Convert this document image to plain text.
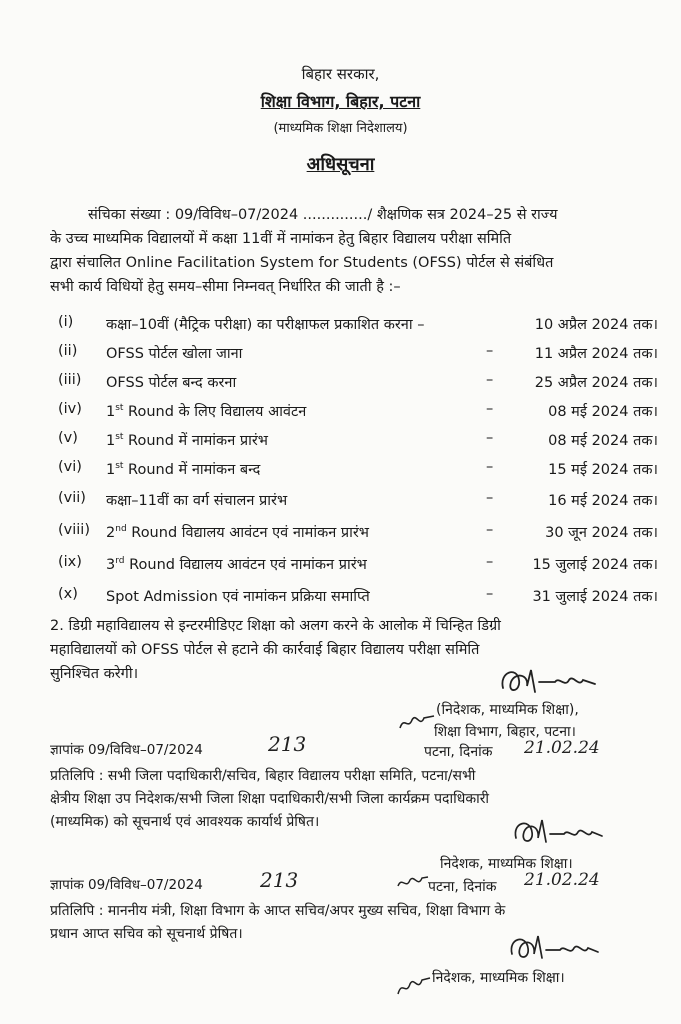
बिहार सरकार,
शिक्षा विभाग, बिहार, पटना
(माध्यमिक शिक्षा निदेशालय)
अधिसूचना
संचिका संख्या : 09/विविध–07/2024 ............../ शैक्षणिक सत्र 2024–25 से राज्य
के उच्च माध्यमिक विद्यालयों में कक्षा 11वीं में नामांकन हेतु बिहार विद्यालय परीक्षा समिति
द्वारा संचालित Online Facilitation System for Students (OFSS) पोर्टल से संबंधित
सभी कार्य विधियों हेतु समय–सीमा निम्नवत् निर्धारित की जाती है :–
(i) कक्षा–10वीं (मैट्रिक परीक्षा) का परीक्षाफल प्रकाशित करना –	10 अप्रैल 2024 तक।
(ii) OFSS पोर्टल खोला जाना	–	11 अप्रैल 2024 तक।
(iii) OFSS पोर्टल बन्द करना	–	25 अप्रैल 2024 तक।
(iv) 1st Round के लिए विद्यालय आवंटन	–	08 मई 2024 तक।
(v) 1st Round में नामांकन प्रारंभ	–	08 मई 2024 तक।
(vi) 1st Round में नामांकन बन्द	–	15 मई 2024 तक।
(vii) कक्षा–11वीं का वर्ग संचालन प्रारंभ	–	16 मई 2024 तक।
(viii) 2nd Round विद्यालय आवंटन एवं नामांकन प्रारंभ	–	30 जून 2024 तक।
(ix) 3rd Round विद्यालय आवंटन एवं नामांकन प्रारंभ	–	15 जुलाई 2024 तक।
(x) Spot Admission एवं नामांकन प्रक्रिया समाप्ति	–	31 जुलाई 2024 तक।
2. डिग्री महाविद्यालय से इन्टरमीडिएट शिक्षा को अलग करने के आलोक में चिन्हित डिग्री
महाविद्यालयों को OFSS पोर्टल से हटाने की कार्रवाई बिहार विद्यालय परीक्षा समिति
सुनिश्चित करेगी।
(निदेशक, माध्यमिक शिक्षा),
शिक्षा विभाग, बिहार, पटना।
ज्ञापांक 09/विविध–07/2024	213	पटना, दिनांक 21.02.24
प्रतिलिपि : सभी जिला पदाधिकारी/सचिव, बिहार विद्यालय परीक्षा समिति, पटना/सभी
क्षेत्रीय शिक्षा उप निदेशक/सभी जिला शिक्षा पदाधिकारी/सभी जिला कार्यक्रम पदाधिकारी
(माध्यमिक) को सूचनार्थ एवं आवश्यक कार्यार्थ प्रेषित।
निदेशक, माध्यमिक शिक्षा।
ज्ञापांक 09/विविध–07/2024	213	पटना, दिनांक 21.02.24
प्रतिलिपि : माननीय मंत्री, शिक्षा विभाग के आप्त सचिव/अपर मुख्य सचिव, शिक्षा विभाग के
प्रधान आप्त सचिव को सूचनार्थ प्रेषित।
निदेशक, माध्यमिक शिक्षा।
